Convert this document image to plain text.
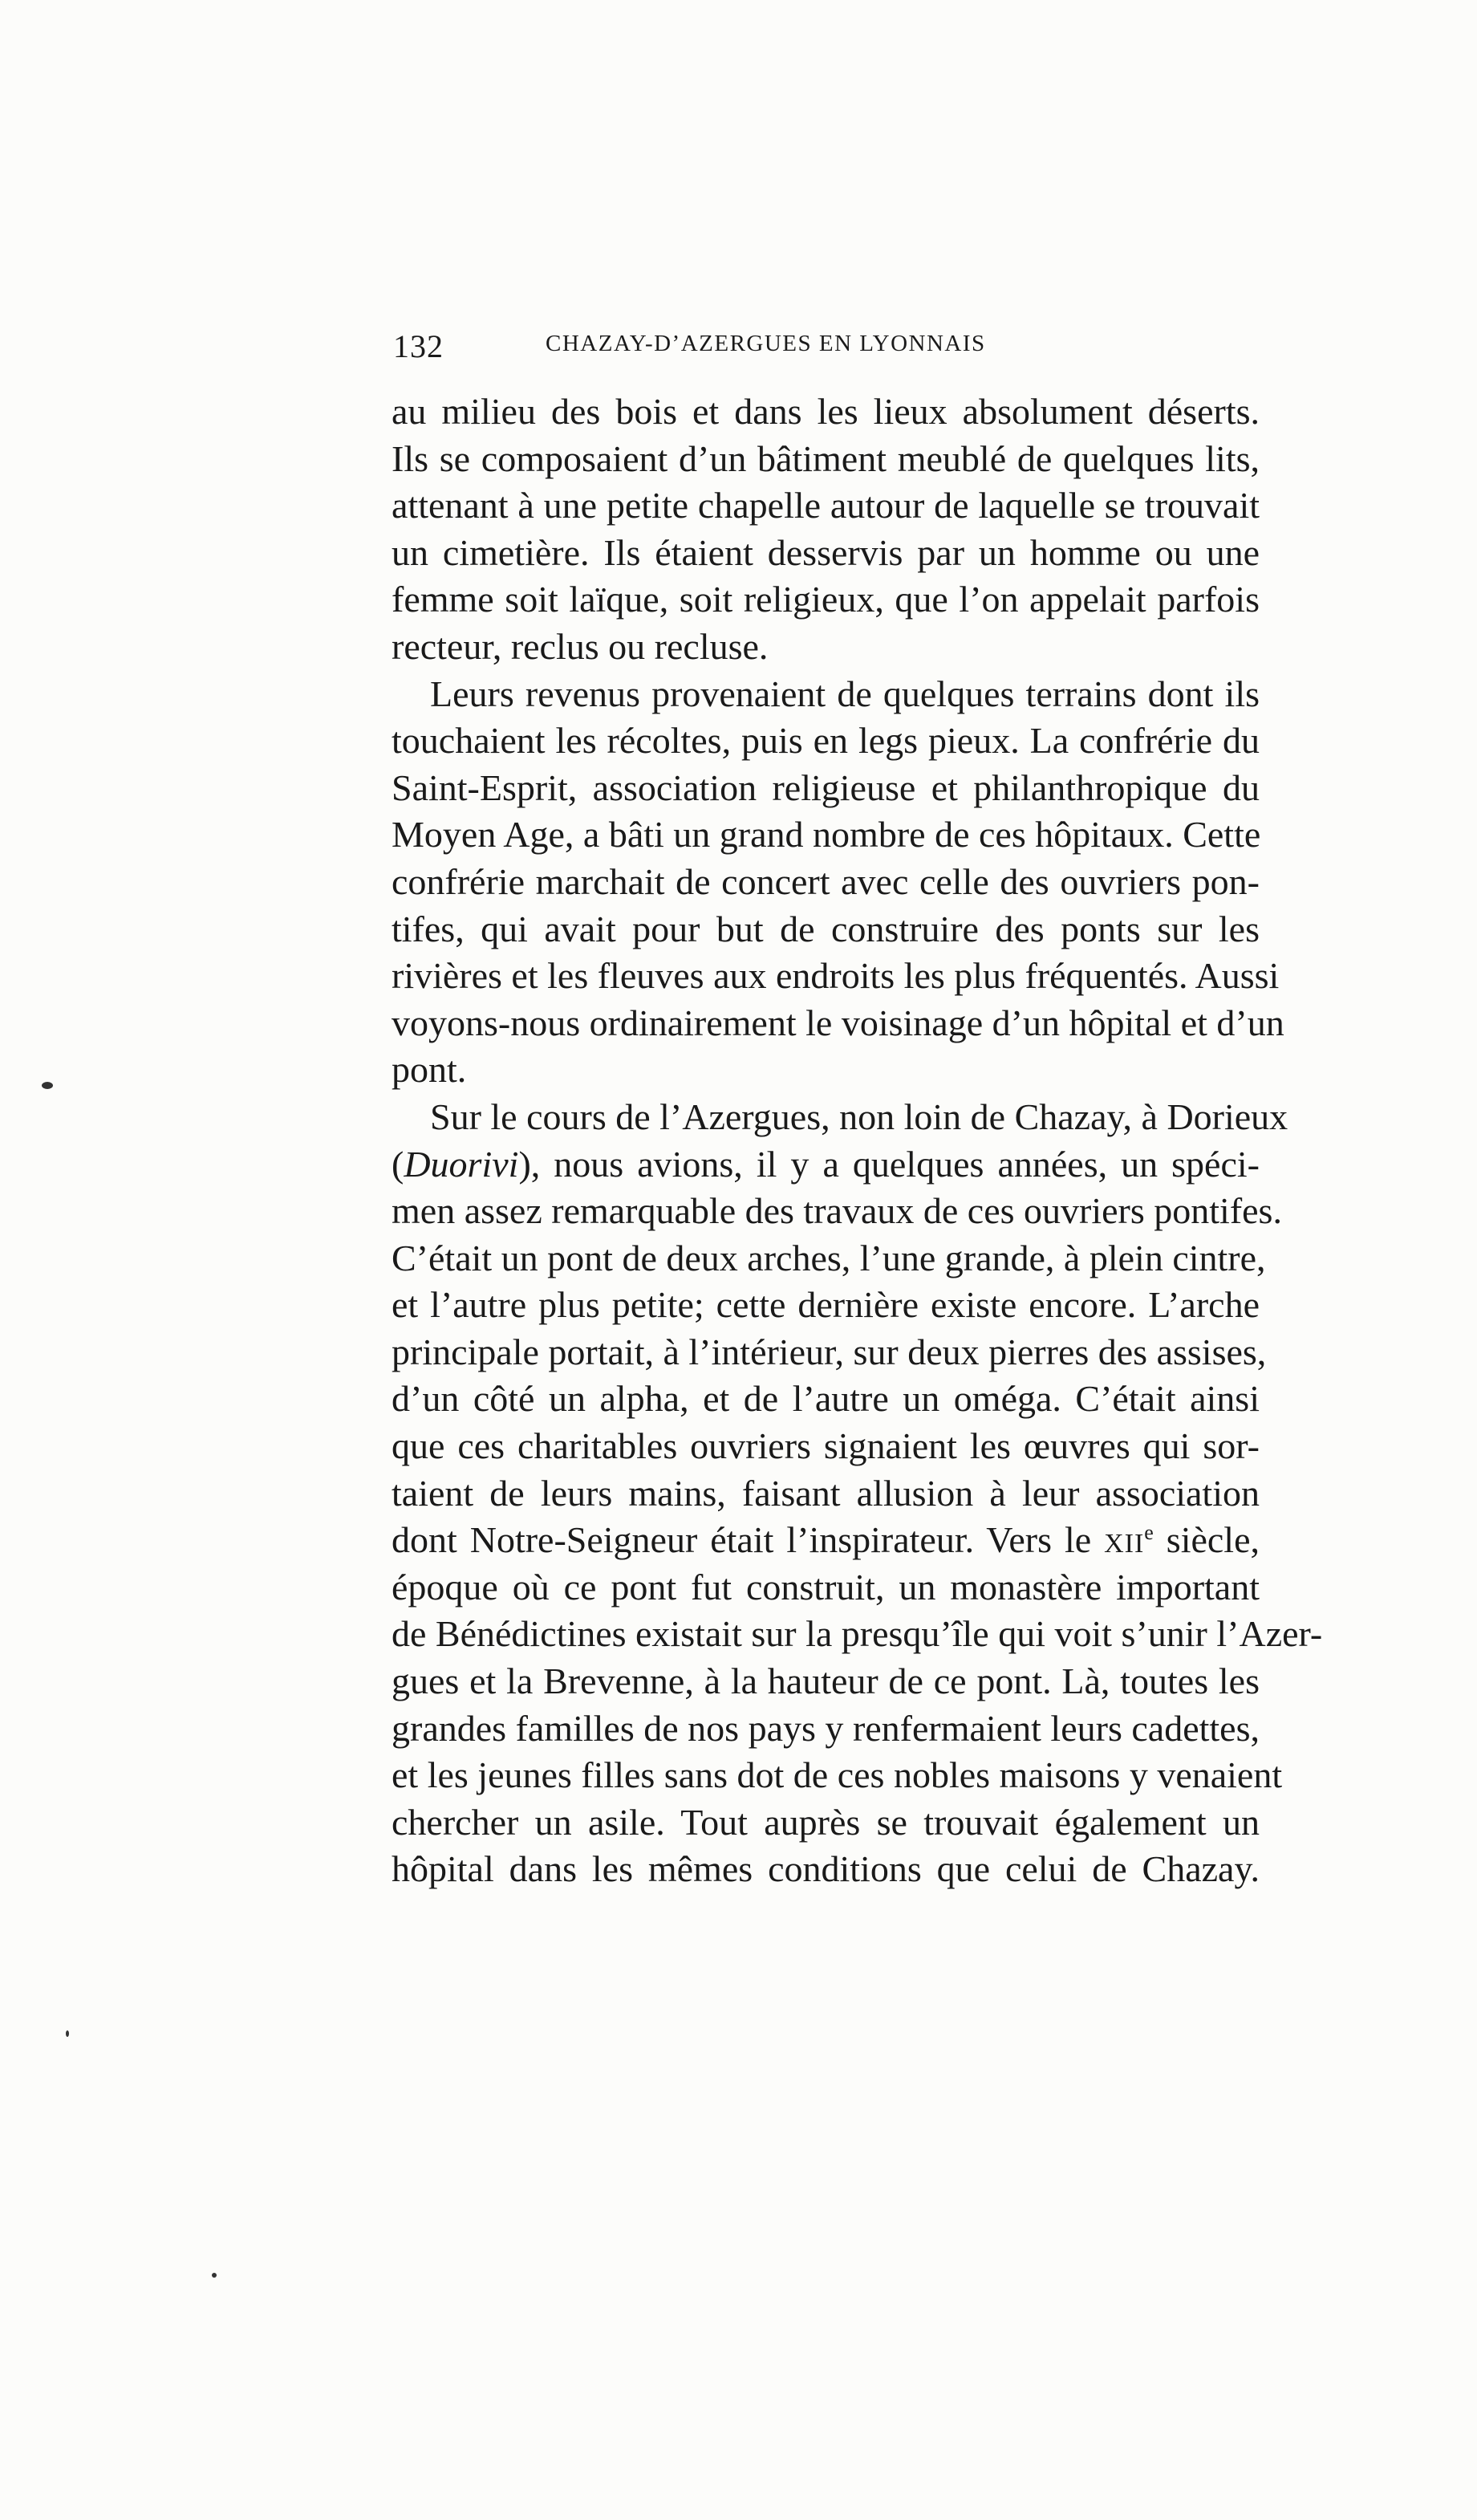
132	CHAZAY-D’AZERGUES EN LYONNAIS
au milieu des bois et dans les lieux absolument déserts.
Ils se composaient d’un bâtiment meublé de quelques lits,
attenant à une petite chapelle autour de laquelle se trouvait
un cimetière. Ils étaient desservis par un homme ou une
femme soit laïque, soit religieux, que l’on appelait parfois
recteur, reclus ou recluse.
Leurs revenus provenaient de quelques terrains dont ils
touchaient les récoltes, puis en legs pieux. La confrérie du
Saint-Esprit, association religieuse et philanthropique du
Moyen Age, a bâti un grand nombre de ces hôpitaux. Cette
confrérie marchait de concert avec celle des ouvriers pon-
tifes, qui avait pour but de construire des ponts sur les
rivières et les fleuves aux endroits les plus fréquentés. Aussi
voyons-nous ordinairement le voisinage d’un hôpital et d’un
pont.
Sur le cours de l’Azergues, non loin de Chazay, à Dorieux
(Duorivi), nous avions, il y a quelques années, un spéci-
men assez remarquable des travaux de ces ouvriers pontifes.
C’était un pont de deux arches, l’une grande, à plein cintre,
et l’autre plus petite; cette dernière existe encore. L’arche
principale portait, à l’intérieur, sur deux pierres des assises,
d’un côté un alpha, et de l’autre un oméga. C’était ainsi
que ces charitables ouvriers signaient les œuvres qui sor-
taient de leurs mains, faisant allusion à leur association
dont Notre-Seigneur était l’inspirateur. Vers le XIIe siècle,
époque où ce pont fut construit, un monastère important
de Bénédictines existait sur la presqu’île qui voit s’unir l’Azer-
gues et la Brevenne, à la hauteur de ce pont. Là, toutes les
grandes familles de nos pays y renfermaient leurs cadettes,
et les jeunes filles sans dot de ces nobles maisons y venaient
chercher un asile. Tout auprès se trouvait également un
hôpital dans les mêmes conditions que celui de Chazay.
